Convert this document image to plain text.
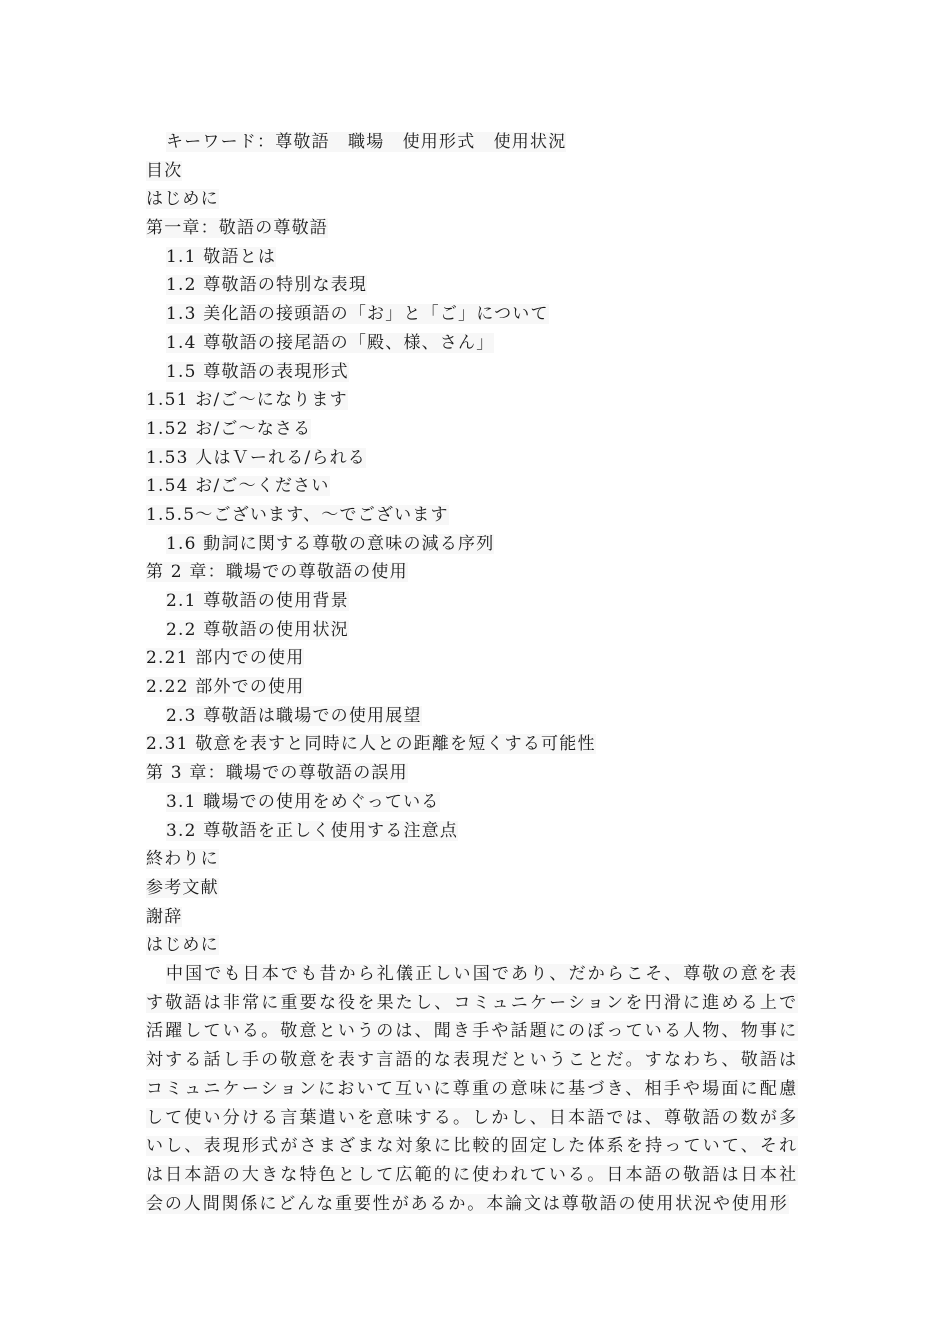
キーワード：尊敬語　職場　使用形式　使用状況
目次
はじめに
第一章：敬語の尊敬語
1.1 敬語とは
1.2 尊敬語の特別な表現
1.3 美化語の接頭語の「お」と「ご」について
1.4 尊敬語の接尾語の「殿、様、さん」
1.5 尊敬語の表現形式
1.51 お/ご～になります
1.52 お/ご～なさる
1.53 人はＶーれる/られる
1.54 お/ご～ください
1.5.5～ございます、～でございます
1.6 動詞に関する尊敬の意味の減る序列
第 2 章：職場での尊敬語の使用
2.1 尊敬語の使用背景
2.2 尊敬語の使用状況
2.21 部内での使用
2.22 部外での使用
2.3 尊敬語は職場での使用展望
2.31 敬意を表すと同時に人との距離を短くする可能性
第 3 章：職場での尊敬語の誤用
3.1 職場での使用をめぐっている
3.2 尊敬語を正しく使用する注意点
終わりに
参考文献
謝辞
はじめに
中国でも日本でも昔から礼儀正しい国であり、だからこそ、尊敬の意を表す敬語は非常に重要な役を果たし、コミュニケーションを円滑に進める上で活躍している。敬意というのは、聞き手や話題にのぼっている人物、物事に対する話し手の敬意を表す言語的な表現だということだ。すなわち、敬語はコミュニケーションにおいて互いに尊重の意味に基づき、相手や場面に配慮して使い分ける言葉遣いを意味する。しかし、日本語では、尊敬語の数が多いし、表現形式がさまざまな対象に比較的固定した体系を持っていて、それは日本語の大きな特色として広範的に使われている。日本語の敬語は日本社会の人間関係にどんな重要性があるか。本論文は尊敬語の使用状況や使用形
